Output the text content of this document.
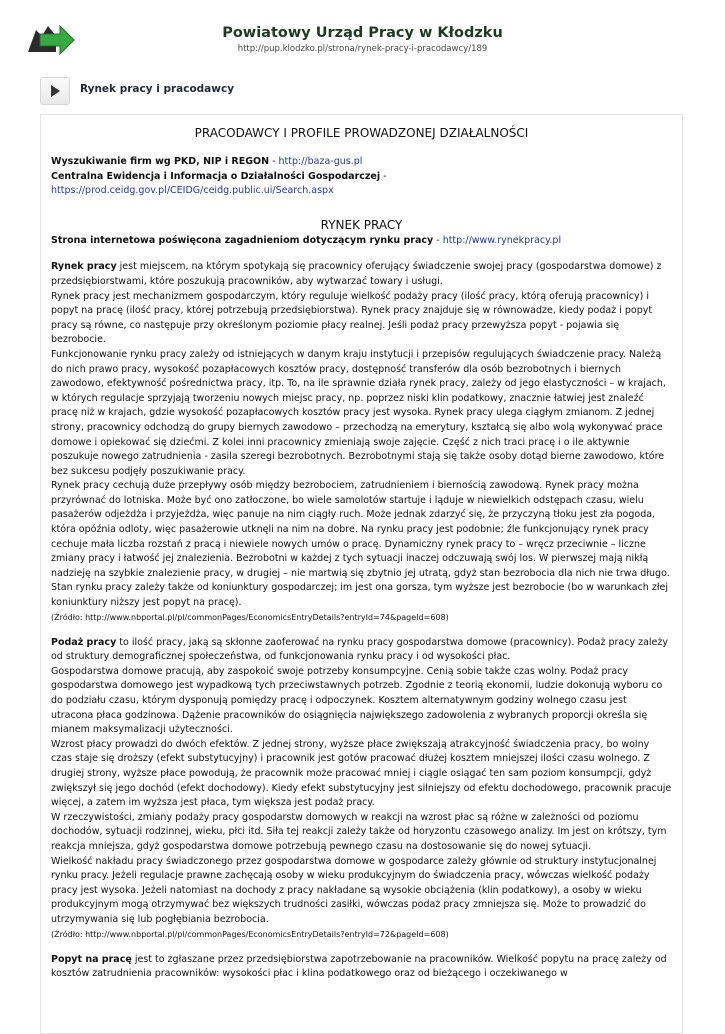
Powiatowy Urząd Pracy w Kłodzku
http://pup.klodzko.pl/strona/rynek-pracy-i-pracodawcy/189
Rynek pracy i pracodawcy
PRACODAWCY I PROFILE PROWADZONEJ DZIAŁALNOŚCI

Wyszukiwanie firm wg PKD, NIP i REGON - http://baza-gus.pl

Centralna Ewidencja i Informacja o Działalności Gospodarczej -
https://prod.ceidg.gov.pl/CEIDG/ceidg.public.ui/Search.aspx

RYNEK PRACY

Strona internetowa poświęcona zagadnieniom dotyczącym rynku pracy - http://www.rynekpracy.pl

Rynek pracy jest miejscem, na którym spotykają się pracownicy oferujący świadczenie swojej pracy (gospodarstwa domowe) z przedsiębiorstwami, które poszukują pracowników, aby wytwarzać towary i usługi.

Rynek pracy jest mechanizmem gospodarczym, który reguluje wielkość podaży pracy (ilość pracy, którą oferują pracownicy) i popyt na pracę (ilość pracy, której potrzebują przedsiębiorstwa). Rynek pracy znajduje się w równowadze, kiedy podaż i popyt pracy są równe, co następuje przy określonym poziomie płacy realnej. Jeśli podaż pracy przewyższa popyt - pojawia się bezrobocie.

Funkcjonowanie rynku pracy zależy od istniejących w danym kraju instytucji i przepisów regulujących świadczenie pracy. Należą do nich prawo pracy, wysokość pozapłacowych kosztów pracy, dostępność transferów dla osób bezrobotnych i biernych zawodowo, efektywność pośrednictwa pracy, itp. To, na ile sprawnie działa rynek pracy, zależy od jego elastyczności – w krajach, w których regulacje sprzyjają tworzeniu nowych miejsc pracy, np. poprzez niski klin podatkowy, znacznie łatwiej jest znaleźć pracę niż w krajach, gdzie wysokość pozapłacowych kosztów pracy jest wysoka. Rynek pracy ulega ciągłym zmianom. Z jednej strony, pracownicy odchodzą do grupy biernych zawodowo – przechodzą na emerytury, kształcą się albo wolą wykonywać prace domowe i opiekować się dziećmi. Z kolei inni pracownicy zmieniają swoje zajęcie. Część z nich traci pracę i o ile aktywnie poszukuje nowego zatrudnienia - zasila szeregi bezrobotnych. Bezrobotnymi stają się także osoby dotąd bierne zawodowo, które bez sukcesu podjęły poszukiwanie pracy.

Rynek pracy cechują duże przepływy osób między bezrobociem, zatrudnieniem i biernością zawodową. Rynek pracy można przyrównać do lotniska. Może być ono zatłoczone, bo wiele samolotów startuje i ląduje w niewielkich odstępach czasu, wielu pasażerów odjeżdża i przyjeżdża, więc panuje na nim ciągły ruch. Może jednak zdarzyć się, że przyczyną tłoku jest zła pogoda, która opóźnia odloty, więc pasażerowie utknęli na nim na dobre. Na rynku pracy jest podobnie; źle funkcjonujący rynek pracy cechuje mała liczba rozstań z pracą i niewiele nowych umów o pracę. Dynamiczny rynek pracy to – wręcz przeciwnie – liczne zmiany pracy i łatwość jej znalezienia. Bezrobotni w każdej z tych sytuacji inaczej odczuwają swój los. W pierwszej mają nikłą nadzieję na szybkie znalezienie pracy, w drugiej – nie martwią się zbytnio jej utratą, gdyż stan bezrobocia dla nich nie trwa długo. Stan rynku pracy zależy także od koniunktury gospodarczej; im jest ona gorsza, tym wyższe jest bezrobocie (bo w warunkach złej koniunktury niższy jest popyt na pracę).

(Źródło: http://www.nbportal.pl/pl/commonPages/EconomicsEntryDetails?entryId=74&pageId=608)

Podaż pracy to ilość pracy, jaką są skłonne zaoferować na rynku pracy gospodarstwa domowe (pracownicy). Podaż pracy zależy od struktury demograficznej społeczeństwa, od funkcjonowania rynku pracy i od wysokości płac.

Gospodarstwa domowe pracują, aby zaspokoić swoje potrzeby konsumpcyjne. Cenią sobie także czas wolny. Podaż pracy gospodarstwa domowego jest wypadkową tych przeciwstawnych potrzeb. Zgodnie z teorią ekonomii, ludzie dokonują wyboru co do podziału czasu, którym dysponują pomiędzy pracę i odpoczynek. Kosztem alternatywnym godziny wolnego czasu jest utracona płaca godzinowa. Dążenie pracowników do osiągnięcia największego zadowolenia z wybranych proporcji określa się mianem maksymalizacji użyteczności.

Wzrost płacy prowadzi do dwóch efektów. Z jednej strony, wyższe płace zwiększają atrakcyjność świadczenia pracy, bo wolny czas staje się droższy (efekt substytucyjny) i pracownik jest gotów pracować dłużej kosztem mniejszej ilości czasu wolnego. Z drugiej strony, wyższe płace powodują, że pracownik może pracować mniej i ciągle osiągać ten sam poziom konsumpcji, gdyż zwiększył się jego dochód (efekt dochodowy). Kiedy efekt substytucyjny jest silniejszy od efektu dochodowego, pracownik pracuje więcej, a zatem im wyższa jest płaca, tym większa jest podaż pracy.

W rzeczywistości, zmiany podaży pracy gospodarstw domowych w reakcji na wzrost płac są różne w zależności od poziomu dochodów, sytuacji rodzinnej, wieku, płci itd. Siła tej reakcji zależy także od horyzontu czasowego analizy. Im jest on krótszy, tym reakcja mniejsza, gdyż gospodarstwa domowe potrzebują pewnego czasu na dostosowanie się do nowej sytuacji.

Wielkość nakładu pracy świadczonego przez gospodarstwa domowe w gospodarce zależy głównie od struktury instytucjonalnej rynku pracy. Jeżeli regulacje prawne zachęcają osoby w wieku produkcyjnym do świadczenia pracy, wówczas wielkość podaży pracy jest wysoka. Jeżeli natomiast na dochody z pracy nakładane są wysokie obciążenia (klin podatkowy), a osoby w wieku produkcyjnym mogą otrzymywać bez większych trudności zasiłki, wówczas podaż pracy zmniejsza się. Może to prowadzić do utrzymywania się lub pogłębiania bezrobocia.

(Źródło: http://www.nbportal.pl/pl/commonPages/EconomicsEntryDetails?entryId=72&pageId=608)

Popyt na pracę jest to zgłaszane przez przedsiębiorstwa zapotrzebowanie na pracowników. Wielkość popytu na pracę zależy od kosztów zatrudnienia pracowników: wysokości płac i klina podatkowego oraz od bieżącego i oczekiwanego w
